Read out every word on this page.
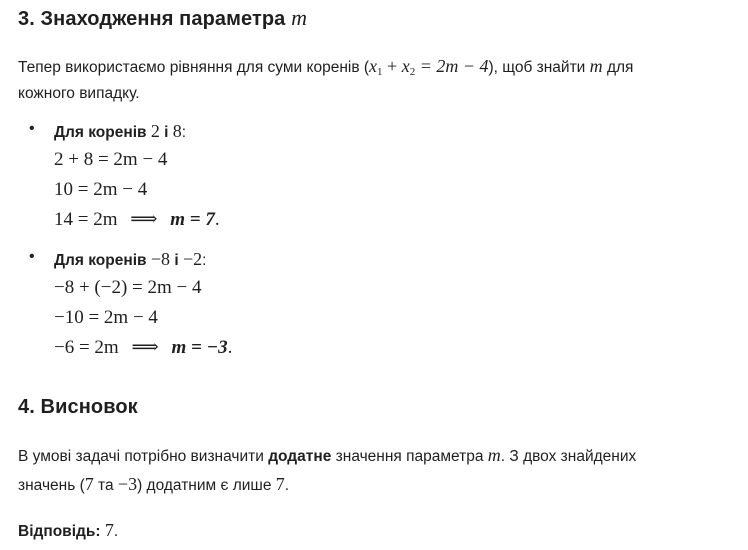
3. Знаходження параметра m
Тепер використаємо рівняння для суми коренів $(x_1 + x_2 = 2m - 4)$, щоб знайти m для
кожного випадку.
• Для коренів 2 і 8:
2 + 8 = 2m − 4
10 = 2m − 4
14 = 2m ⟹ m = 7.
• Для коренів −8 і −2:
−8 + (−2) = 2m − 4
−10 = 2m − 4
−6 = 2m ⟹ m = −3.
4. Висновок
В умові задачі потрібно визначити додатне значення параметра m. З двох знайдених
значень (7 та −3) додатним є лише 7.
Відповідь: 7.
